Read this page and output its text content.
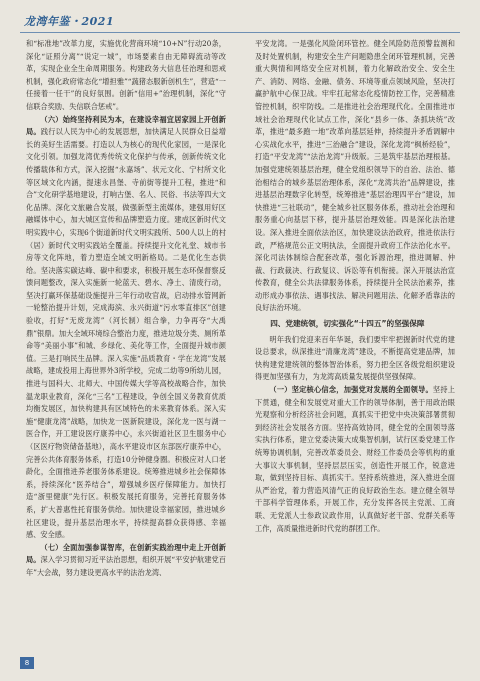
龙湾年鉴・2021

和“标准地”改革力度，实施优化营商环境“10+N”行动20条，深化“证照分离”“说定一城”，市场要素自由无障碍流动等改革，实现企业全生命周期服务。构建政务大信息任治理和思戒机制，强化政府常态化“增担雅”“蔬猪态服新创机生”，营造“一任接着一任干”的良好氛围。创新“信用+”治理机制，深化“守信联合奖励、失信联合惩戒”。

（六）始终坚持利民为本，在建设幸福宜居家园上开创新局。践行以人民为中心的发展思想，加快满足人民群众日益增长的美好生活需要。打造以人为核心的现代化家园，一是深化文化引领。加强龙湾优秀传统文化保护与传承，创新传统文化传播载体和方式，深入挖掘“永嘉场”、状元文化、宁村所文化等区域文化内涵，提速永昌堡、寺前街等提升工程，推进“和合”文化研学基地建设，打响古堡、名人、民俗、书法等四大文化品牌。深化文旅融合发展，做强新型主流媒体，建强用好区融媒体中心，加大城区宣传和品牌塑造力度。建成区新时代文明实践中心，实现6个街道新时代文明实践所、500人以上的村（居）新时代文明实践站全覆盖。持续提升文化礼堂、城市书房等文化阵地，着力塑造全域文明新格局。二是优化生态供给。坚决落实碳达峰、碳中和要求，积极开展生态环保督察反馈问题整改，深入实施新一轮蓝天、碧水、净土、清废行动，坚决打赢环保基础设施提升三年行动收官战，启动排水管网新一轮整治提升计划，完成海滨、永兴街道“污水零直排区”创建验收，打好“无废龙湾”（河长制）组合拳，力争再夺“大禹鼎”银鼎。加大全域环境综合整治力度，推进垃圾分类、厕所革命等“美丽小事”和城、乡绿化、美化等工作，全面提升城市颜值。三是打响民生品牌。深入实施“品质教育・学在龙湾”发展战略，建成投用上海世界外3所学校，完成二幼等9所幼儿园，推进与国科大、北师大、中国传媒大学等高校战略合作，加快温龙职业教育，深化“三名”工程建设，争创全国义务教育优质均衡发展区，加快构建具有区域特色的未来教育体系。深入实施“健康龙湾”战略，加快龙一医新院建设，深化龙一医与湖一医合作，开工建设医疗康养中心，永兴街道社区卫生服务中心（区医疗物资储备基地），高水平建设市区东部医疗康养中心，完善公共体育服务体系，打造10分钟健身圈。积极应对人口老龄化，全面推进养老服务体系建设。统筹推进城乡社会保障体系，持续深化“医养结合”，增强城乡医疗保障能力。加快打造“浙里健康”先行区。积极发展托育服务，完善托育服务体系，扩大普惠性托育服务供给。加快建设幸福家园，推进城乡社区建设，提升基层治理水平，持续提高群众获得感、幸福感、安全感。

（七）全面加强参谋智库，在创新实践治理中走上开创新局。深入学习贯彻习近平法治思想，组织开展“平安护航建党百年”大会战，努力建设更高水平的法治龙湾、

平安龙湾。一是强化风险闭环管控。健全风险防范预警监测和及时处置机制，构建安全生产问题隐患全闭环管理机制，完善重大舆情和网络安全应对机制，着力化解政治安全、安全生产、消防、网络、金融、债务、环境等重点领域风险，坚决打赢护航中心保卫战。牢牢扛起常态化疫情防控工作，完善精准管控机制，织牢防线。二是推进社会治理现代化。全面推进市域社会治理现代化试点工作，深化“县乡一体、条抓块统”改革，推进“最多跑一地”改革向基层延伸，持续提升矛盾调解中心实战化水平，推进“三治融合”建设，深化龙湾“枫桥经验”，打造“平安龙湾”“法治龙湾”升级版。三是筑牢基层治理根基。加强党建统领基层治理，健全党组织领导下的自治、法治、德治相结合的城乡基层治理体系，深化“龙湾共治”品牌建设，推进基层治理数字化转型，统筹推进“基层治理四平台”建设，加快推进“三社联动”，健全城乡社区服务体系，推动社会治理和服务重心向基层下移，提升基层治理效能。四是深化法治建设。深入推进全面依法治区，加快建设法治政府，推进依法行政，严格规范公正文明执法，全面提升政府工作法治化水平。深化司法体制综合配套改革，强化诉源治理，推进调解、仲裁、行政裁决、行政复议、诉讼等有机衔接。深入开展法治宣传教育，健全公共法律服务体系，持续提升全民法治素养，推动形成办事依法、遇事找法、解决问题用法、化解矛盾靠法的良好法治环境。

四、党建统领，切实强化“十四五”的坚强保障

明年我们党迎来百年华诞，我们要牢牢把握新时代党的建设总要求，纵深推进“清廉龙湾”建设，不断提高党建品牌，加快构建党建统领的整体智治体系，努力把全区各级党组织建设得更加坚强有力，为龙湾高质量发展提供坚强保障。

（一）坚定核心信念，加强党对发展的全面领导。坚持上下贯通，健全和发展党对重大工作的领导体制，善于用政治眼光观察和分析经济社会问题，真抓实干把党中央决策部署贯彻到经济社会发展各方面。坚持高效协同，健全党的全面领导落实执行体系，建立党委决策大成集智机制，试行区委党建工作统筹协调机制，完善改革委员会、财经工作委员会等机构的重大事议大事机制，坚持层层压实，创造性开展工作，锐意进取，做到坚持目标、真抓实干。坚持系统推进，深入推进全面从严治党，着力营造风清气正的良好政治生态。建立健全领导干部科学管理体系，开展工作，充分发挥各民主党派、工商联、无党派人士参政议政作用，认真做好老干部、党群关系等工作，高质量推进新时代党的群团工作。

8
